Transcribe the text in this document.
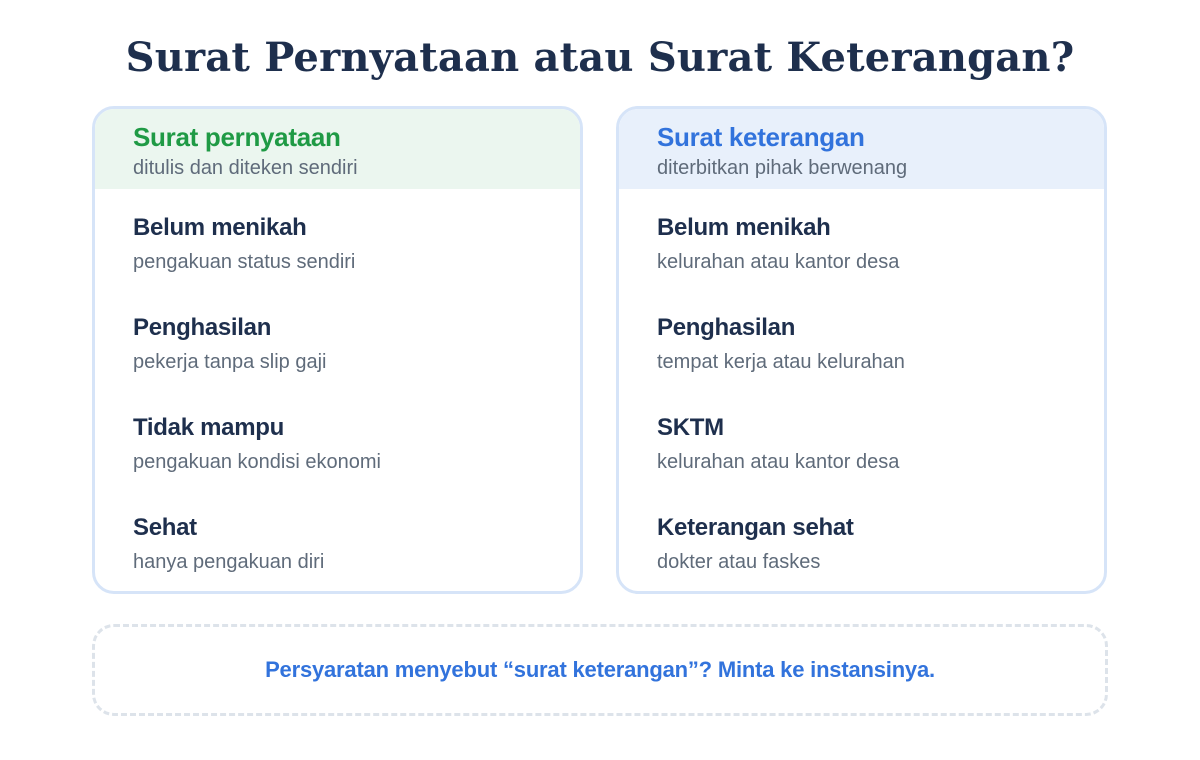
Surat Pernyataan atau Surat Keterangan?
Surat pernyataan
ditulis dan diteken sendiri
Belum menikah
pengakuan status sendiri
Penghasilan
pekerja tanpa slip gaji
Tidak mampu
pengakuan kondisi ekonomi
Sehat
hanya pengakuan diri
Surat keterangan
diterbitkan pihak berwenang
Belum menikah
kelurahan atau kantor desa
Penghasilan
tempat kerja atau kelurahan
SKTM
kelurahan atau kantor desa
Keterangan sehat
dokter atau faskes
Persyaratan menyebut “surat keterangan”? Minta ke instansinya.
